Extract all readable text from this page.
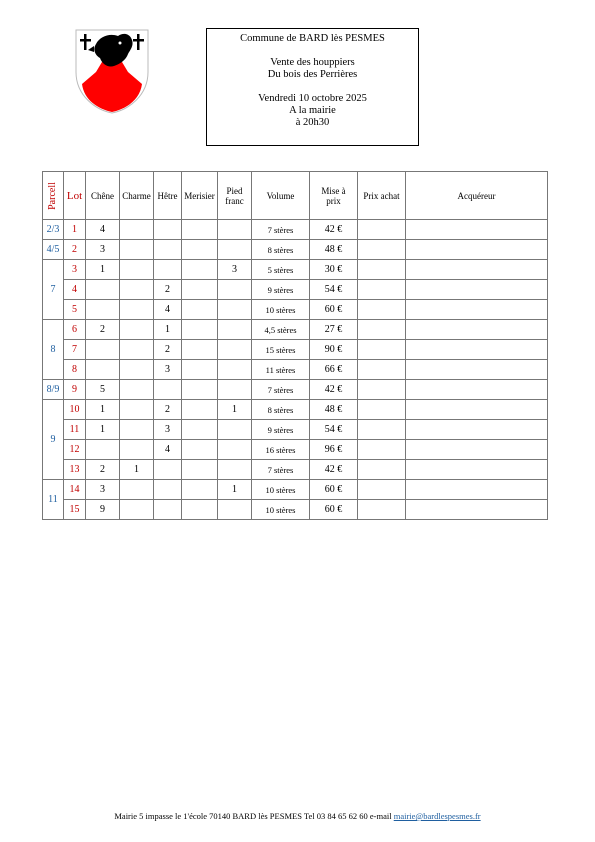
Commune de BARD lès PESMES
Vente des houppiers
Du bois des Perrières
Vendredi 10 octobre 2025
A la mairie
à 20h30
Parcell	Lot	Chêne	Charme	Hêtre	Merisier	Pied franc	Volume	Mise à prix	Prix achat	Acquéreur
2/3	1	4					7 stères	42 €		
4/5	2	3					8 stères	48 €		
7	3	1				3	5 stères	30 €		
	4			2			9 stères	54 €		
	5			4			10 stères	60 €		
8	6	2		1			4,5 stères	27 €		
	7			2			15 stères	90 €		
	8			3			11 stères	66 €		
8/9	9	5					7 stères	42 €		
9	10	1		2		1	8 stères	48 €		
	11	1		3			9 stères	54 €		
	12			4			16 stères	96 €		
	13	2	1				7 stères	42 €		
11	14	3				1	10 stères	60 €		
	15	9					10 stères	60 €		
Mairie 5 impasse le 1'école 70140 BARD lès PESMES Tel 03 84 65 62 60 e-mail mairie@bardlespesmes.fr
